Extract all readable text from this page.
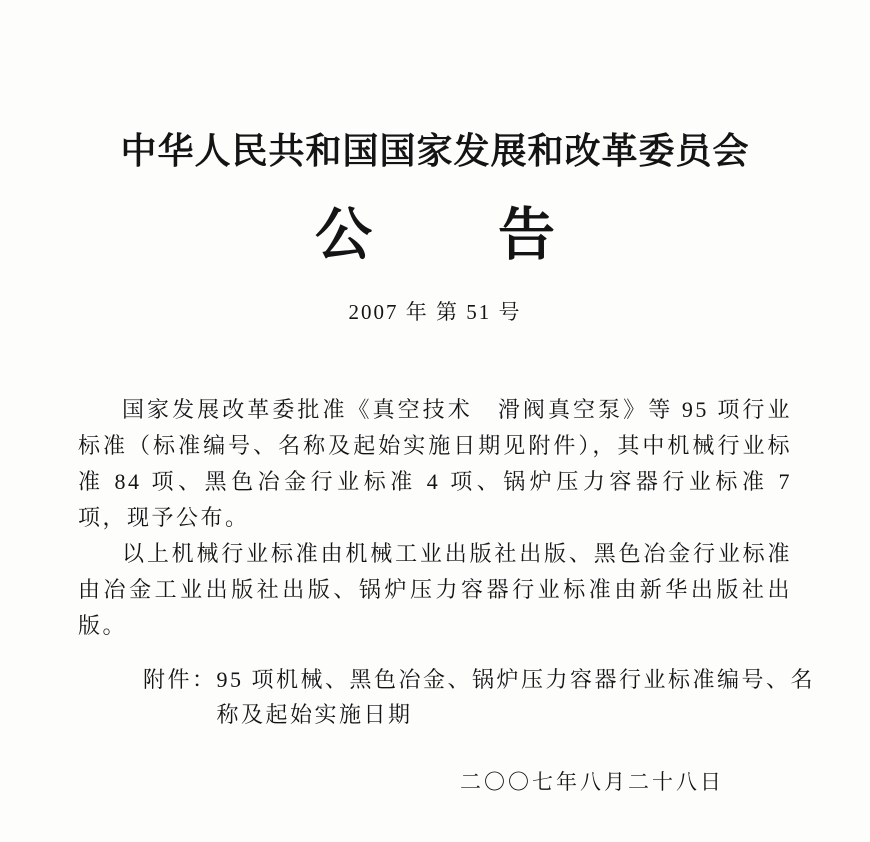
中华人民共和国国家发展和改革委员会
公 告
2007 年 第 51 号

国家发展改革委批准《真空技术　滑阀真空泵》等 95 项行业标准（标准编号、名称及起始实施日期见附件），其中机械行业标准 84 项、黑色冶金行业标准 4 项、锅炉压力容器行业标准 7 项，现予公布。

以上机械行业标准由机械工业出版社出版、黑色冶金行业标准由冶金工业出版社出版、锅炉压力容器行业标准由新华出版社出版。

附件： 95 项机械、黑色冶金、锅炉压力容器行业标准编号、名
称及起始实施日期
二〇〇七年八月二十八日
